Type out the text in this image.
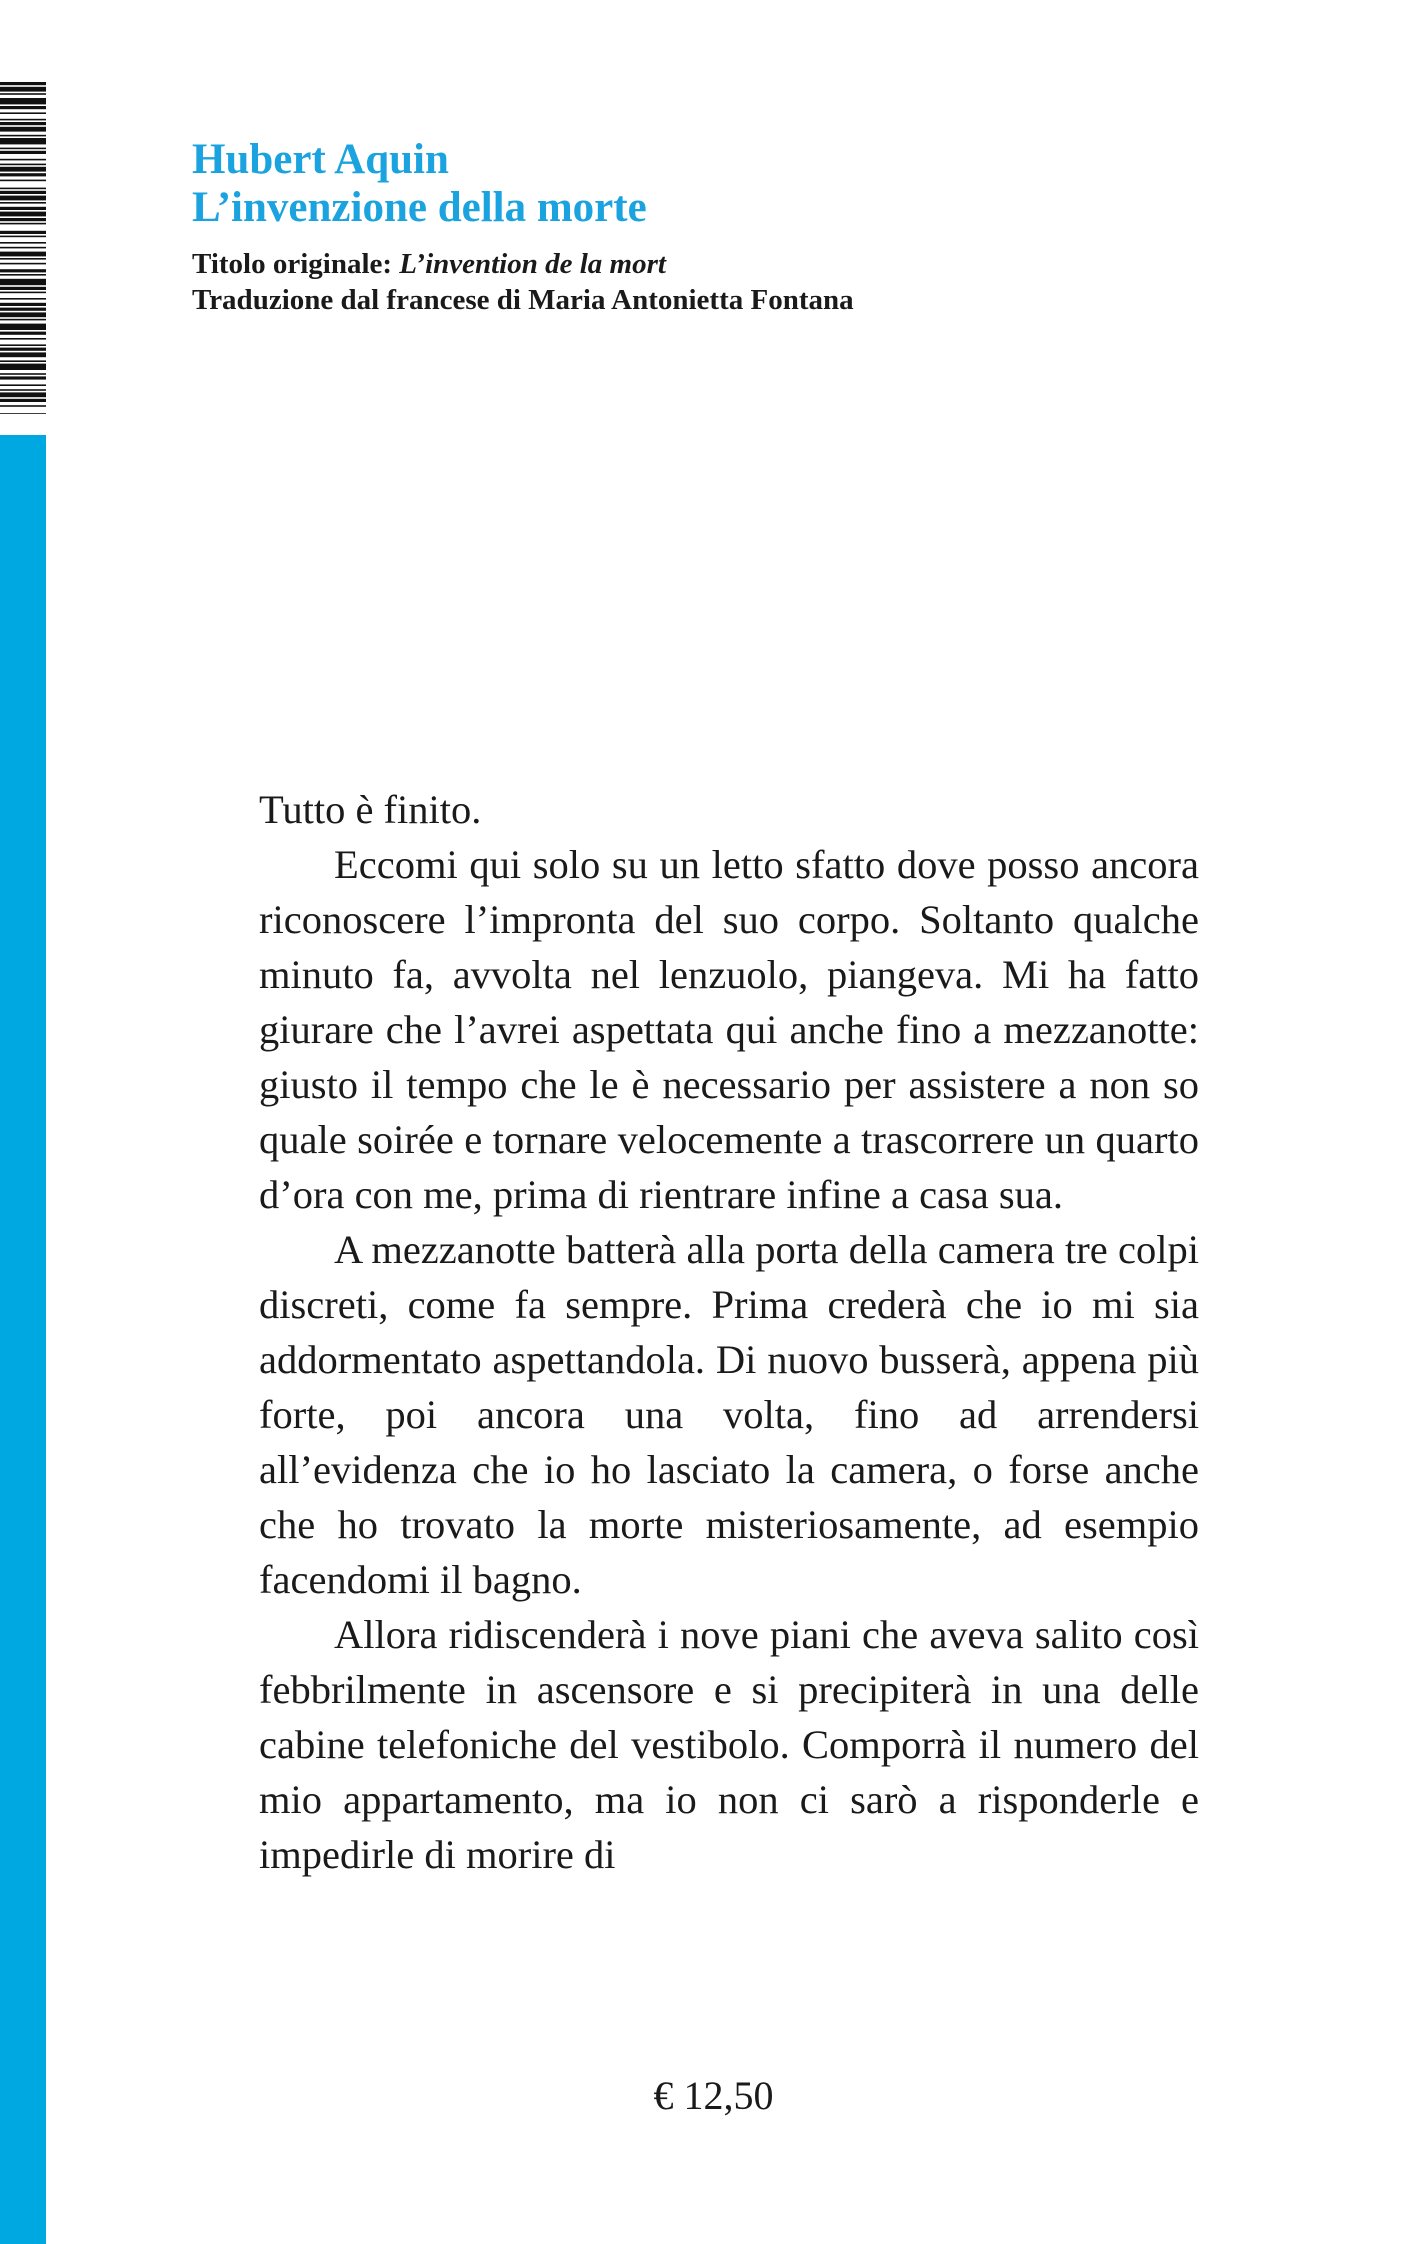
Hubert Aquin
L’invenzione della morte
Titolo originale: L’invention de la mort
Traduzione dal francese di Maria Antonietta Fontana

Tutto è finito.

Eccomi qui solo su un letto sfatto dove posso ancora riconoscere l’impronta del suo corpo. Soltanto qualche minuto fa, avvolta nel lenzuolo, piangeva. Mi ha fatto giurare che l’avrei aspettata qui anche fino a mezzanotte: giusto il tempo che le è necessario per assistere a non so quale soirée e tornare velocemente a trascorrere un quarto d’ora con me, prima di rientrare infine a casa sua.

A mezzanotte batterà alla porta della camera tre colpi discreti, come fa sempre. Prima crederà che io mi sia addormentato aspettandola. Di nuovo busserà, appena più forte, poi ancora una volta, fino ad arrendersi all’evidenza che io ho lasciato la camera, o forse anche che ho trovato la morte misteriosamente, ad esempio facendomi il bagno.

Allora ridiscenderà i nove piani che aveva salito così febbrilmente in ascensore e si precipiterà in una delle cabine telefoniche del vestibolo. Comporrà il numero del mio appartamento, ma io non ci sarò a risponderle e impedirle di morire di

€ 12,50
